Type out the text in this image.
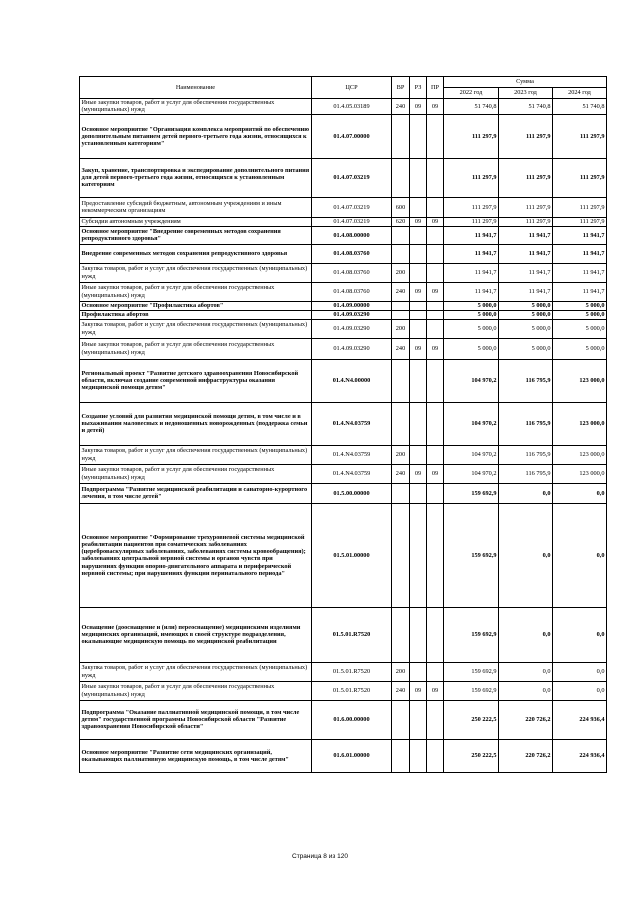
Наименование	ЦСР	ВР	РЗ	ПР	Сумма		
					2022 год	2023 год	2024 год
Иные закупки товаров, работ и услуг для обеспечения государственных (муниципальных) нужд	01.4.05.03189	240	09	09	51 740,8	51 740,8	51 740,8
Основное мероприятие "Организация комплекса мероприятий по обеспечению дополнительным питанием детей первого-третьего года жизни, относящихся к установленным категориям"	01.4.07.00000				111 297,9	111 297,9	111 297,9
Закуп, хранение, транспортировка и экспедирование дополнительного питания для детей первого-третьего года жизни, относящихся к установленным категориям	01.4.07.03219				111 297,9	111 297,9	111 297,9
Предоставление субсидий бюджетным, автономным учреждениям и иным некоммерческим организациям	01.4.07.03219	600			111 297,9	111 297,9	111 297,9
Субсидии автономным учреждениям	01.4.07.03219	620	09	09	111 297,9	111 297,9	111 297,9
Основное мероприятие "Внедрение современных методов сохранения репродуктивного здоровья"	01.4.08.00000				11 941,7	11 941,7	11 941,7
Внедрение современных методов сохранения репродуктивного здоровья	01.4.08.03760				11 941,7	11 941,7	11 941,7
Закупка товаров, работ и услуг для обеспечения государственных (муниципальных) нужд	01.4.08.03760	200			11 941,7	11 941,7	11 941,7
Иные закупки товаров, работ и услуг для обеспечения государственных (муниципальных) нужд	01.4.08.03760	240	09	09	11 941,7	11 941,7	11 941,7
Основное мероприятие "Профилактика абортов"	01.4.09.00000				5 000,0	5 000,0	5 000,0
Профилактика абортов	01.4.09.03290				5 000,0	5 000,0	5 000,0
Закупка товаров, работ и услуг для обеспечения государственных (муниципальных) нужд	01.4.09.03290	200			5 000,0	5 000,0	5 000,0
Иные закупки товаров, работ и услуг для обеспечения государственных (муниципальных) нужд	01.4.09.03290	240	09	09	5 000,0	5 000,0	5 000,0
Региональный проект "Развитие детского здравоохранения Новосибирской области, включая создание современной инфраструктуры оказания медицинской помощи детям"	01.4.N4.00000				104 970,2	116 795,9	123 000,0
Создание условий для развития медицинской помощи детям, в том числе и в выхаживании маловесных и недоношенных новорожденных (поддержка семьи и детей)	01.4.N4.03759				104 970,2	116 795,9	123 000,0
Закупка товаров, работ и услуг для обеспечения государственных (муниципальных) нужд	01.4.N4.03759	200			104 970,2	116 795,9	123 000,0
Иные закупки товаров, работ и услуг для обеспечения государственных (муниципальных) нужд	01.4.N4.03759	240	09	09	104 970,2	116 795,9	123 000,0
Подпрограмма "Развитие медицинской реабилитации и санаторно-курортного лечения, в том числе детей"	01.5.00.00000				159 692,9	0,0	0,0
Основное мероприятие "Формирование трехуровневой системы медицинской реабилитации пациентов при соматических заболеваниях (цереброваскулярных заболеваниях, заболеваниях системы кровообращения); заболеваниях центральной нервной системы и органов чувств при нарушениях функции опорно-двигательного аппарата и периферической нервной системы; при нарушениях функции перинатального периода"	01.5.01.00000				159 692,9	0,0	0,0
Оснащение (дооснащение и (или) переоснащение) медицинскими изделиями медицинских организаций, имеющих в своей структуре подразделения, оказывающие медицинскую помощь по медицинской реабилитации	01.5.01.R7520				159 692,9	0,0	0,0
Закупка товаров, работ и услуг для обеспечения государственных (муниципальных) нужд	01.5.01.R7520	200			159 692,9	0,0	0,0
Иные закупки товаров, работ и услуг для обеспечения государственных (муниципальных) нужд	01.5.01.R7520	240	09	09	159 692,9	0,0	0,0
Подпрограмма "Оказание паллиативной медицинской помощи, в том числе детям" государственной программы Новосибирской области "Развитие здравоохранения Новосибирской области"	01.6.00.00000				250 222,5	220 726,2	224 936,4
Основное мероприятие "Развитие сети медицинских организаций, оказывающих паллиативную медицинскую помощь, в том числе детям"	01.6.01.00000				250 222,5	220 726,2	224 936,4
Страница 8 из 120
